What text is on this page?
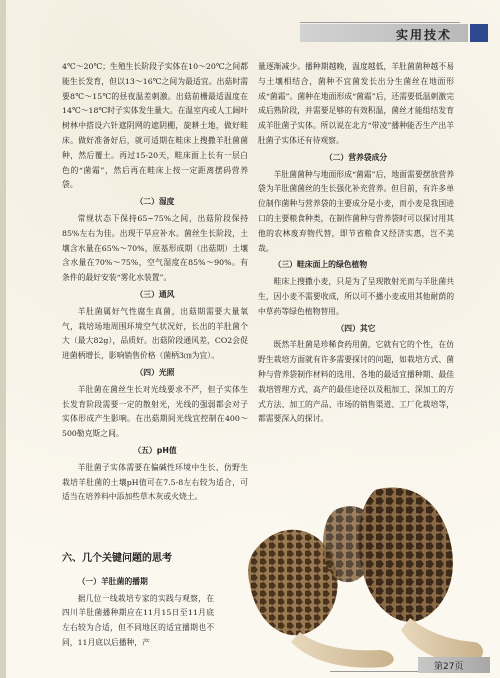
实用技术

4℃～20℃；生殖生长阶段子实体在10～20℃之间都能生长发育，但以13～16℃之间为最适宜。出菇时需要8℃～15℃的昼夜温差刺激。出菇前栅最适温度在14℃～18℃时子实体发生量大。在温室内或人工阔叶树林中搭设六针遮阴网的遮阴棚，旋耕土地，做好畦床。做好准备好后，就可适期在畦床上搜撒羊肚菌菌种，然后覆土。再过15-20天，畦床面上长有一层白色的“菌霜”，然后再在畦床上按一定距离摆码营养袋。

（二）湿度

常规状态下保持65~75%之间，出菇阶段保持85%左右为佳。出现干旱应补水。菌丝生长阶段，土壤含水量在65%～70%，原基形成期（出菇期）土壤含水量在70%～75%，空气湿度在85%～90%。有条件的最好安装“雾化水装置”。

（三）通风

羊肚菌属好气性腐生真菌，出菇期需要大量氧气，栽培场地周围环境空气状况好，长出的羊肚菌个大（最大82g），品质好。出菇阶段通风差，CO2会促进菌柄增长，影响销售价格（菌柄3㎝为宜）。

（四）光照

羊肚菌在菌丝生长对光线要求不严，但子实体生长发育阶段需要一定的散射光，光线的强弱都会对子实体形成产生影响。在出菇期间光线宜控制在400～500勒克斯之间。

（五）pH值

羊肚菌子实体需要在偏碱性环境中生长、仿野生栽培羊肚菌的土壤pH值可在7.5-8左右较为适合，可适当在培养料中添加些草木灰或火烧土。

六、几个关键问题的思考
（一）羊肚菌的播期

据几位一线栽培专家的实践与观察，在四川羊肚菌播种期应在11月15日至11月底左右较为合适，但不同地区的适宜播期也不同，11月底以后播种，产

量逐渐减少。播种期越晚，温度越低，羊肚菌菌种越不易与土壤相结合，菌种不宜菌发长出分生菌丝在地面形成“菌霜”。菌种在地面形成“菌霜”后，还需要低温刺激完成后熟阶段，并需要足够的有效积温，菌丝才能组结发育成羊肚菌子实体。所以说在北方“带凌”播种能否生产出羊肚菌子实体还有待观察。

（二）营养袋成分

羊肚菌菌种与地面形成“菌霜”后，地面需要摆放营养袋为羊肚菌菌丝的生长强化补充营养。但目前，有许多单位制作菌种与营养袋的主要成分是小麦，而小麦是我国进口的主要粮食种类，在制作菌种与营养袋时可以探讨用其他的农林废弃物代替，即节省粮食又经济实惠，岂不美哉。

（三）畦床面上的绿色植物

畦床上搜撒小麦，只是为了呈现散射光而与羊肚菌共生，因小麦不需要收成，所以可不播小麦或用其他耐荫的中草药等绿色植物替用。

（四）其它

既然羊肚菌是珍稀食药用菌，它就有它的个性，在仿野生栽培方面就有许多需要探讨的问题，如栽培方式、菌种与营养袋制作材料的选用、各地的最适宜播种期、最佳栽培管理方式、高产的最佳途径以及粗加工、深加工的方式方法、加工的产品、市场的销售渠道、工厂化栽培等，都需要深入的探讨。

第27页
